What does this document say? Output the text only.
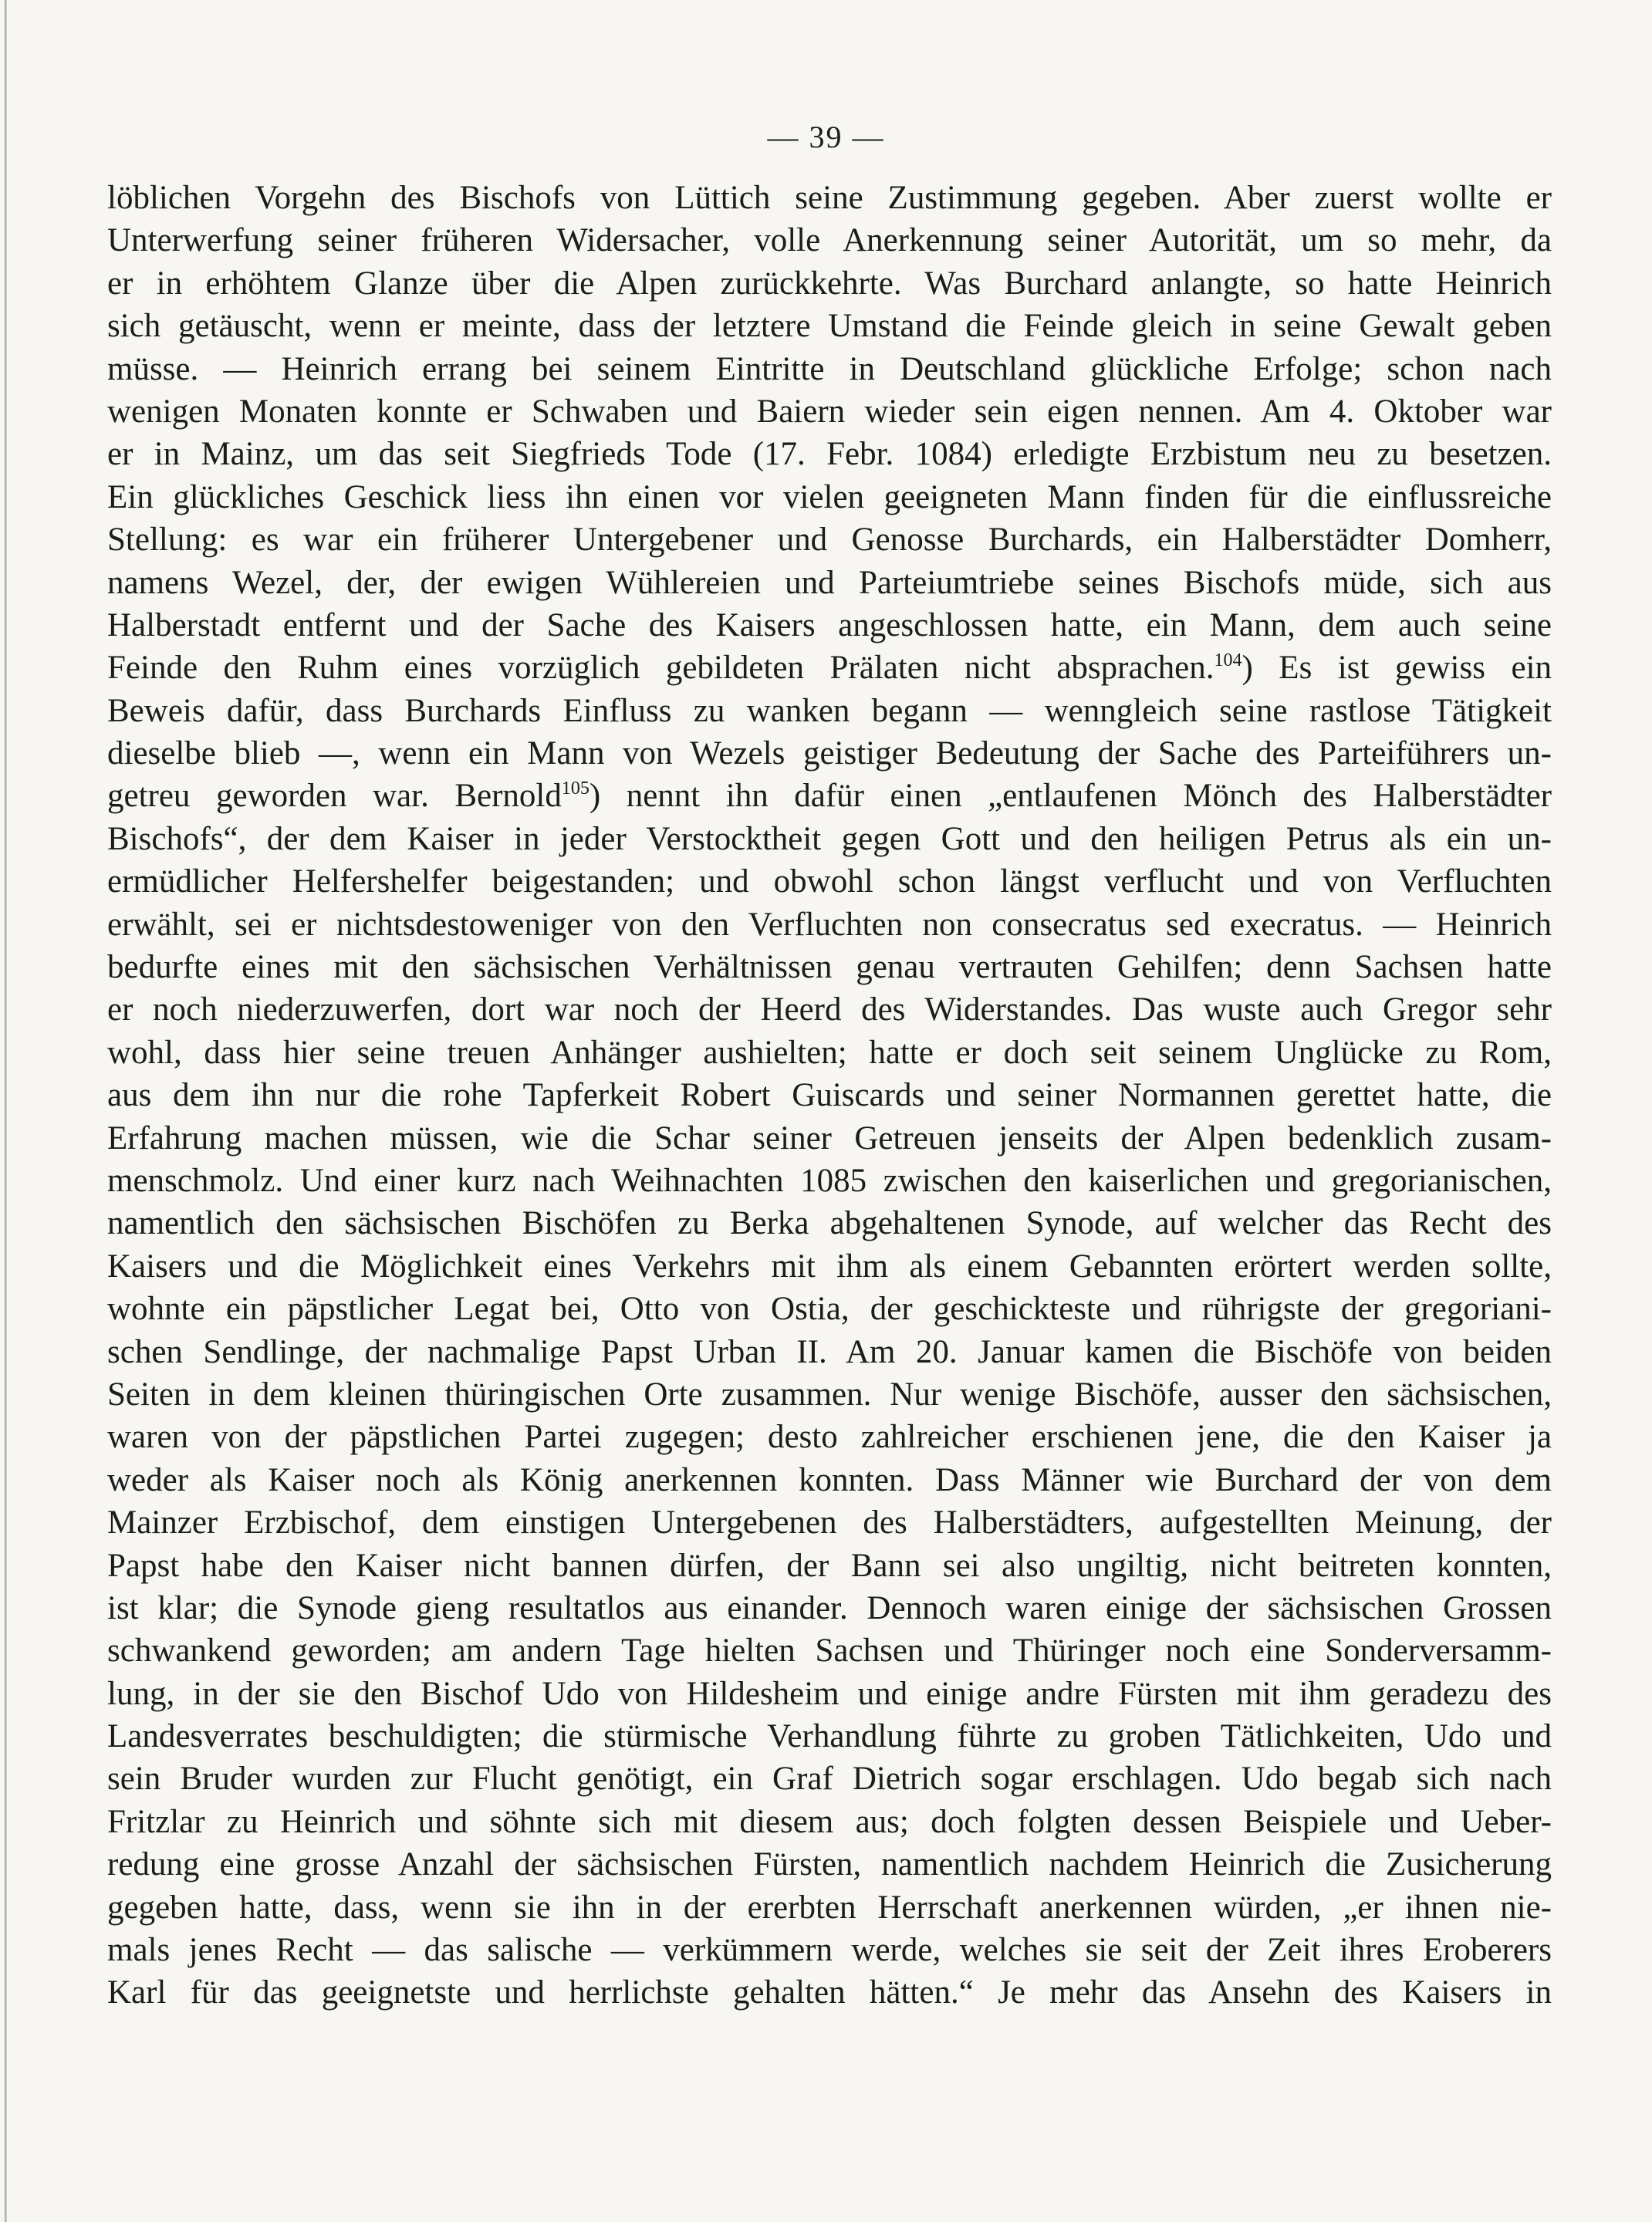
— 39 —
löblichen Vorgehn des Bischofs von Lüttich seine Zustimmung gegeben. Aber zuerst wollte er
Unterwerfung seiner früheren Widersacher, volle Anerkennung seiner Autorität, um so mehr, da
er in erhöhtem Glanze über die Alpen zurückkehrte. Was Burchard anlangte, so hatte Heinrich
sich getäuscht, wenn er meinte, dass der letztere Umstand die Feinde gleich in seine Gewalt geben
müsse. — Heinrich errang bei seinem Eintritte in Deutschland glückliche Erfolge; schon nach
wenigen Monaten konnte er Schwaben und Baiern wieder sein eigen nennen. Am 4. Oktober war
er in Mainz, um das seit Siegfrieds Tode (17. Febr. 1084) erledigte Erzbistum neu zu besetzen.
Ein glückliches Geschick liess ihn einen vor vielen geeigneten Mann finden für die einflussreiche
Stellung: es war ein früherer Untergebener und Genosse Burchards, ein Halberstädter Domherr,
namens Wezel, der, der ewigen Wühlereien und Parteiumtriebe seines Bischofs müde, sich aus
Halberstadt entfernt und der Sache des Kaisers angeschlossen hatte, ein Mann, dem auch seine
Feinde den Ruhm eines vorzüglich gebildeten Prälaten nicht absprachen.$^{104}$) Es ist gewiss ein
Beweis dafür, dass Burchards Einfluss zu wanken begann — wenngleich seine rastlose Tätigkeit
dieselbe blieb —, wenn ein Mann von Wezels geistiger Bedeutung der Sache des Parteiführers un-
getreu geworden war. Bernold$^{105}$) nennt ihn dafür einen „entlaufenen Mönch des Halberstädter
Bischofs“, der dem Kaiser in jeder Verstocktheit gegen Gott und den heiligen Petrus als ein un-
ermüdlicher Helfershelfer beigestanden; und obwohl schon längst verflucht und von Verfluchten
erwählt, sei er nichtsdestoweniger von den Verfluchten non consecratus sed execratus. — Heinrich
bedurfte eines mit den sächsischen Verhältnissen genau vertrauten Gehilfen; denn Sachsen hatte
er noch niederzuwerfen, dort war noch der Heerd des Widerstandes. Das wuste auch Gregor sehr
wohl, dass hier seine treuen Anhänger aushielten; hatte er doch seit seinem Unglücke zu Rom,
aus dem ihn nur die rohe Tapferkeit Robert Guiscards und seiner Normannen gerettet hatte, die
Erfahrung machen müssen, wie die Schar seiner Getreuen jenseits der Alpen bedenklich zusam-
menschmolz. Und einer kurz nach Weihnachten 1085 zwischen den kaiserlichen und gregorianischen,
namentlich den sächsischen Bischöfen zu Berka abgehaltenen Synode, auf welcher das Recht des
Kaisers und die Möglichkeit eines Verkehrs mit ihm als einem Gebannten erörtert werden sollte,
wohnte ein päpstlicher Legat bei, Otto von Ostia, der geschickteste und rührigste der gregoriani-
schen Sendlinge, der nachmalige Papst Urban II. Am 20. Januar kamen die Bischöfe von beiden
Seiten in dem kleinen thüringischen Orte zusammen. Nur wenige Bischöfe, ausser den sächsischen,
waren von der päpstlichen Partei zugegen; desto zahlreicher erschienen jene, die den Kaiser ja
weder als Kaiser noch als König anerkennen konnten. Dass Männer wie Burchard der von dem
Mainzer Erzbischof, dem einstigen Untergebenen des Halberstädters, aufgestellten Meinung, der
Papst habe den Kaiser nicht bannen dürfen, der Bann sei also ungiltig, nicht beitreten konnten,
ist klar; die Synode gieng resultatlos aus einander. Dennoch waren einige der sächsischen Grossen
schwankend geworden; am andern Tage hielten Sachsen und Thüringer noch eine Sonderversamm-
lung, in der sie den Bischof Udo von Hildesheim und einige andre Fürsten mit ihm geradezu des
Landesverrates beschuldigten; die stürmische Verhandlung führte zu groben Tätlichkeiten, Udo und
sein Bruder wurden zur Flucht genötigt, ein Graf Dietrich sogar erschlagen. Udo begab sich nach
Fritzlar zu Heinrich und söhnte sich mit diesem aus; doch folgten dessen Beispiele und Ueber-
redung eine grosse Anzahl der sächsischen Fürsten, namentlich nachdem Heinrich die Zusicherung
gegeben hatte, dass, wenn sie ihn in der ererbten Herrschaft anerkennen würden, „er ihnen nie-
mals jenes Recht — das salische — verkümmern werde, welches sie seit der Zeit ihres Eroberers
Karl für das geeignetste und herrlichste gehalten hätten.“ Je mehr das Ansehn des Kaisers in
